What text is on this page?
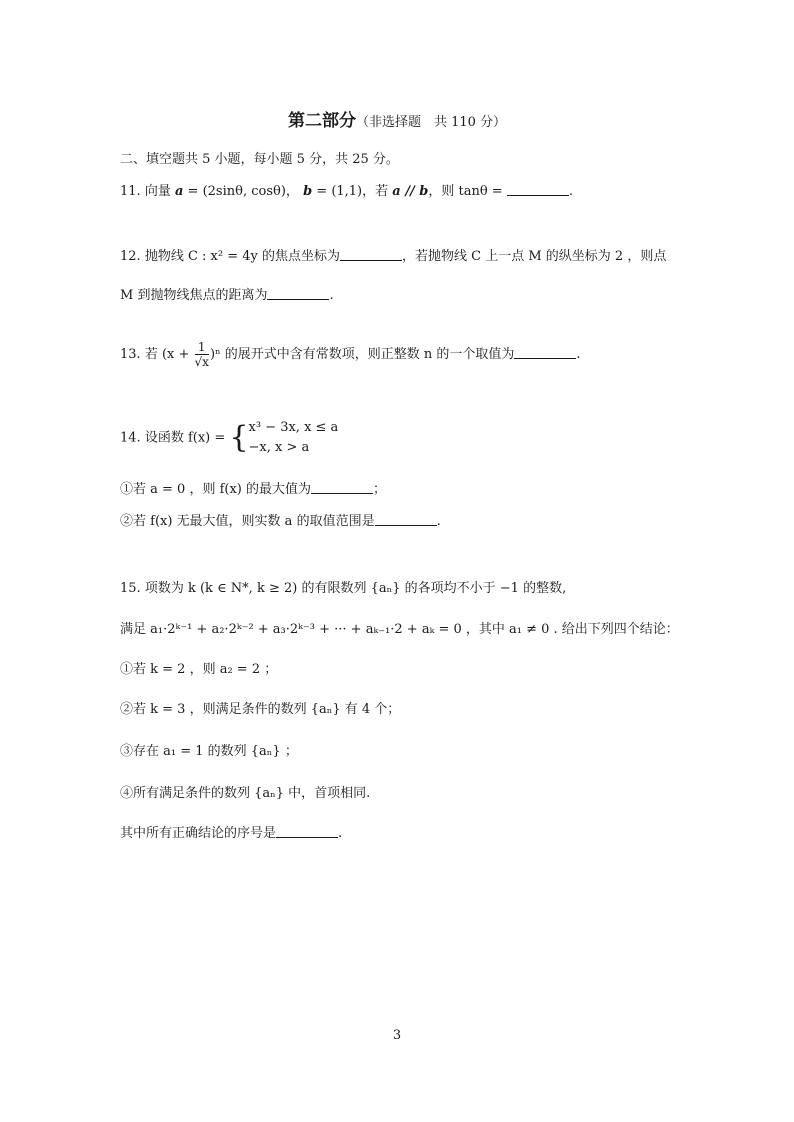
第二部分（非选择题　共 110 分）
二、填空题共 5 小题，每小题 5 分，共 25 分。
11. 向量 a = (2sinθ, cosθ)， b = (1,1)，若 a // b，则 tanθ =	.
12. 抛物线 C : x² = 4y 的焦点坐标为	，若抛物线 C 上一点 M 的纵坐标为 2 ，则点
M 到抛物线焦点的距离为	.
13. 若 $(x + \frac{1}{√x} )^n$ 的展开式中含有常数项，则正整数 n 的一个取值为	.
14. 设函数 f(x) = { x³ − 3x, x ≤ a
−x, x > a
①若 a = 0 ，则 f(x) 的最大值为	；
②若 f(x) 无最大值，则实数 a 的取值范围是	.
15. 项数为 k (k ∈ N*, k ≥ 2) 的有限数列 {aₙ} 的各项均不小于 −1 的整数,
满足 a₁·2ᵏ⁻¹ + a₂·2ᵏ⁻² + a₃·2ᵏ⁻³ + ··· + aₖ₋₁·2 + aₖ = 0 ，其中 a₁ ≠ 0 . 给出下列四个结论：
①若 k = 2 ，则 a₂ = 2 ；
②若 k = 3 ，则满足条件的数列 {aₙ} 有 4 个；
③存在 a₁ = 1 的数列 {aₙ} ；
④所有满足条件的数列 {aₙ} 中，首项相同.
其中所有正确结论的序号是	.
3
